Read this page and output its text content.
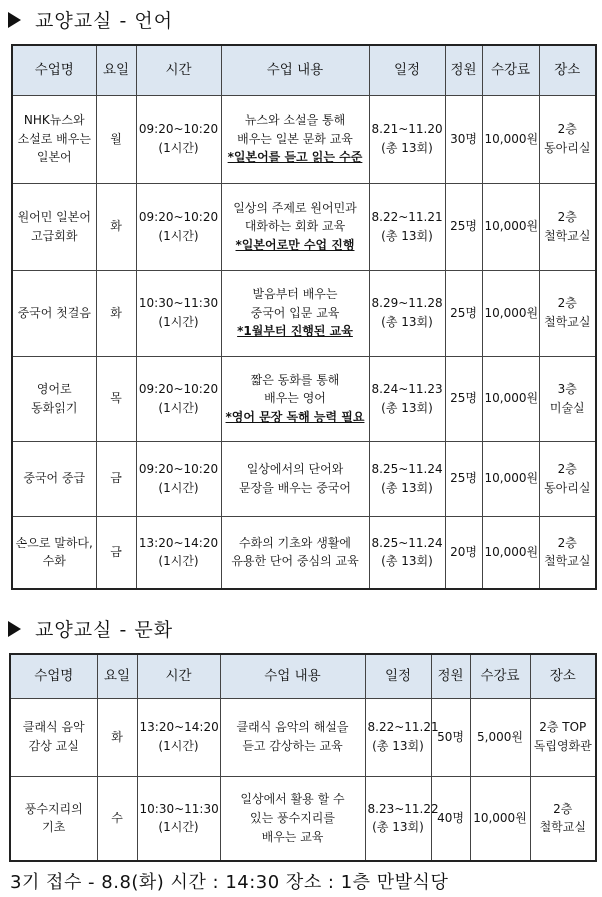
교양교실 - 언어
수업명	요일	시간	수업 내용	일정	정원	수강료	장소

NHK뉴스와
소설로 배우는
일본어	월	09:20~10:20
(1시간)	뉴스와 소설을 통해
배우는 일본 문화 교육
*일본어를 듣고 읽는 수준	8.21~11.20
(총 13회)	30명	10,000원	2층
동아리실

원어민 일본어
고급회화	화	09:20~10:20
(1시간)	일상의 주제로 원어민과
대화하는 회화 교육
*일본어로만 수업 진행	8.22~11.21
(총 13회)	25명	10,000원	2층
철학교실

중국어 첫걸음	화	10:30~11:30
(1시간)	발음부터 배우는
중국어 입문 교육
*1월부터 진행된 교육	8.29~11.28
(총 13회)	25명	10,000원	2층
철학교실

영어로
동화읽기	목	09:20~10:20
(1시간)	짧은 동화를 통해
배우는 영어
*영어 문장 독해 능력 필요	8.24~11.23
(총 13회)	25명	10,000원	3층
미술실

중국어 중급	금	09:20~10:20
(1시간)	일상에서의 단어와
문장을 배우는 중국어	8.25~11.24
(총 13회)	25명	10,000원	2층
동아리실

손으로 말하다,
수화	금	13:20~14:20
(1시간)	수화의 기초와 생활에
유용한 단어 중심의 교육	8.25~11.24
(총 13회)	20명	10,000원	2층
철학교실
교양교실 - 문화
수업명	요일	시간	수업 내용	일정	정원	수강료	장소

클래식 음악
감상 교실	화	13:20~14:20
(1시간)	클래식 음악의 해설을
듣고 감상하는 교육	8.22~11.21
(총 13회)	50명	5,000원	2층 TOP
독립영화관

풍수지리의
기초	수	10:30~11:30
(1시간)	일상에서 활용 할 수
있는 풍수지리를
배우는 교육	8.23~11.22
(총 13회)	40명	10,000원	2층
철학교실
3기 접수 - 8.8(화) 시간 : 14:30 장소 : 1층 만발식당
